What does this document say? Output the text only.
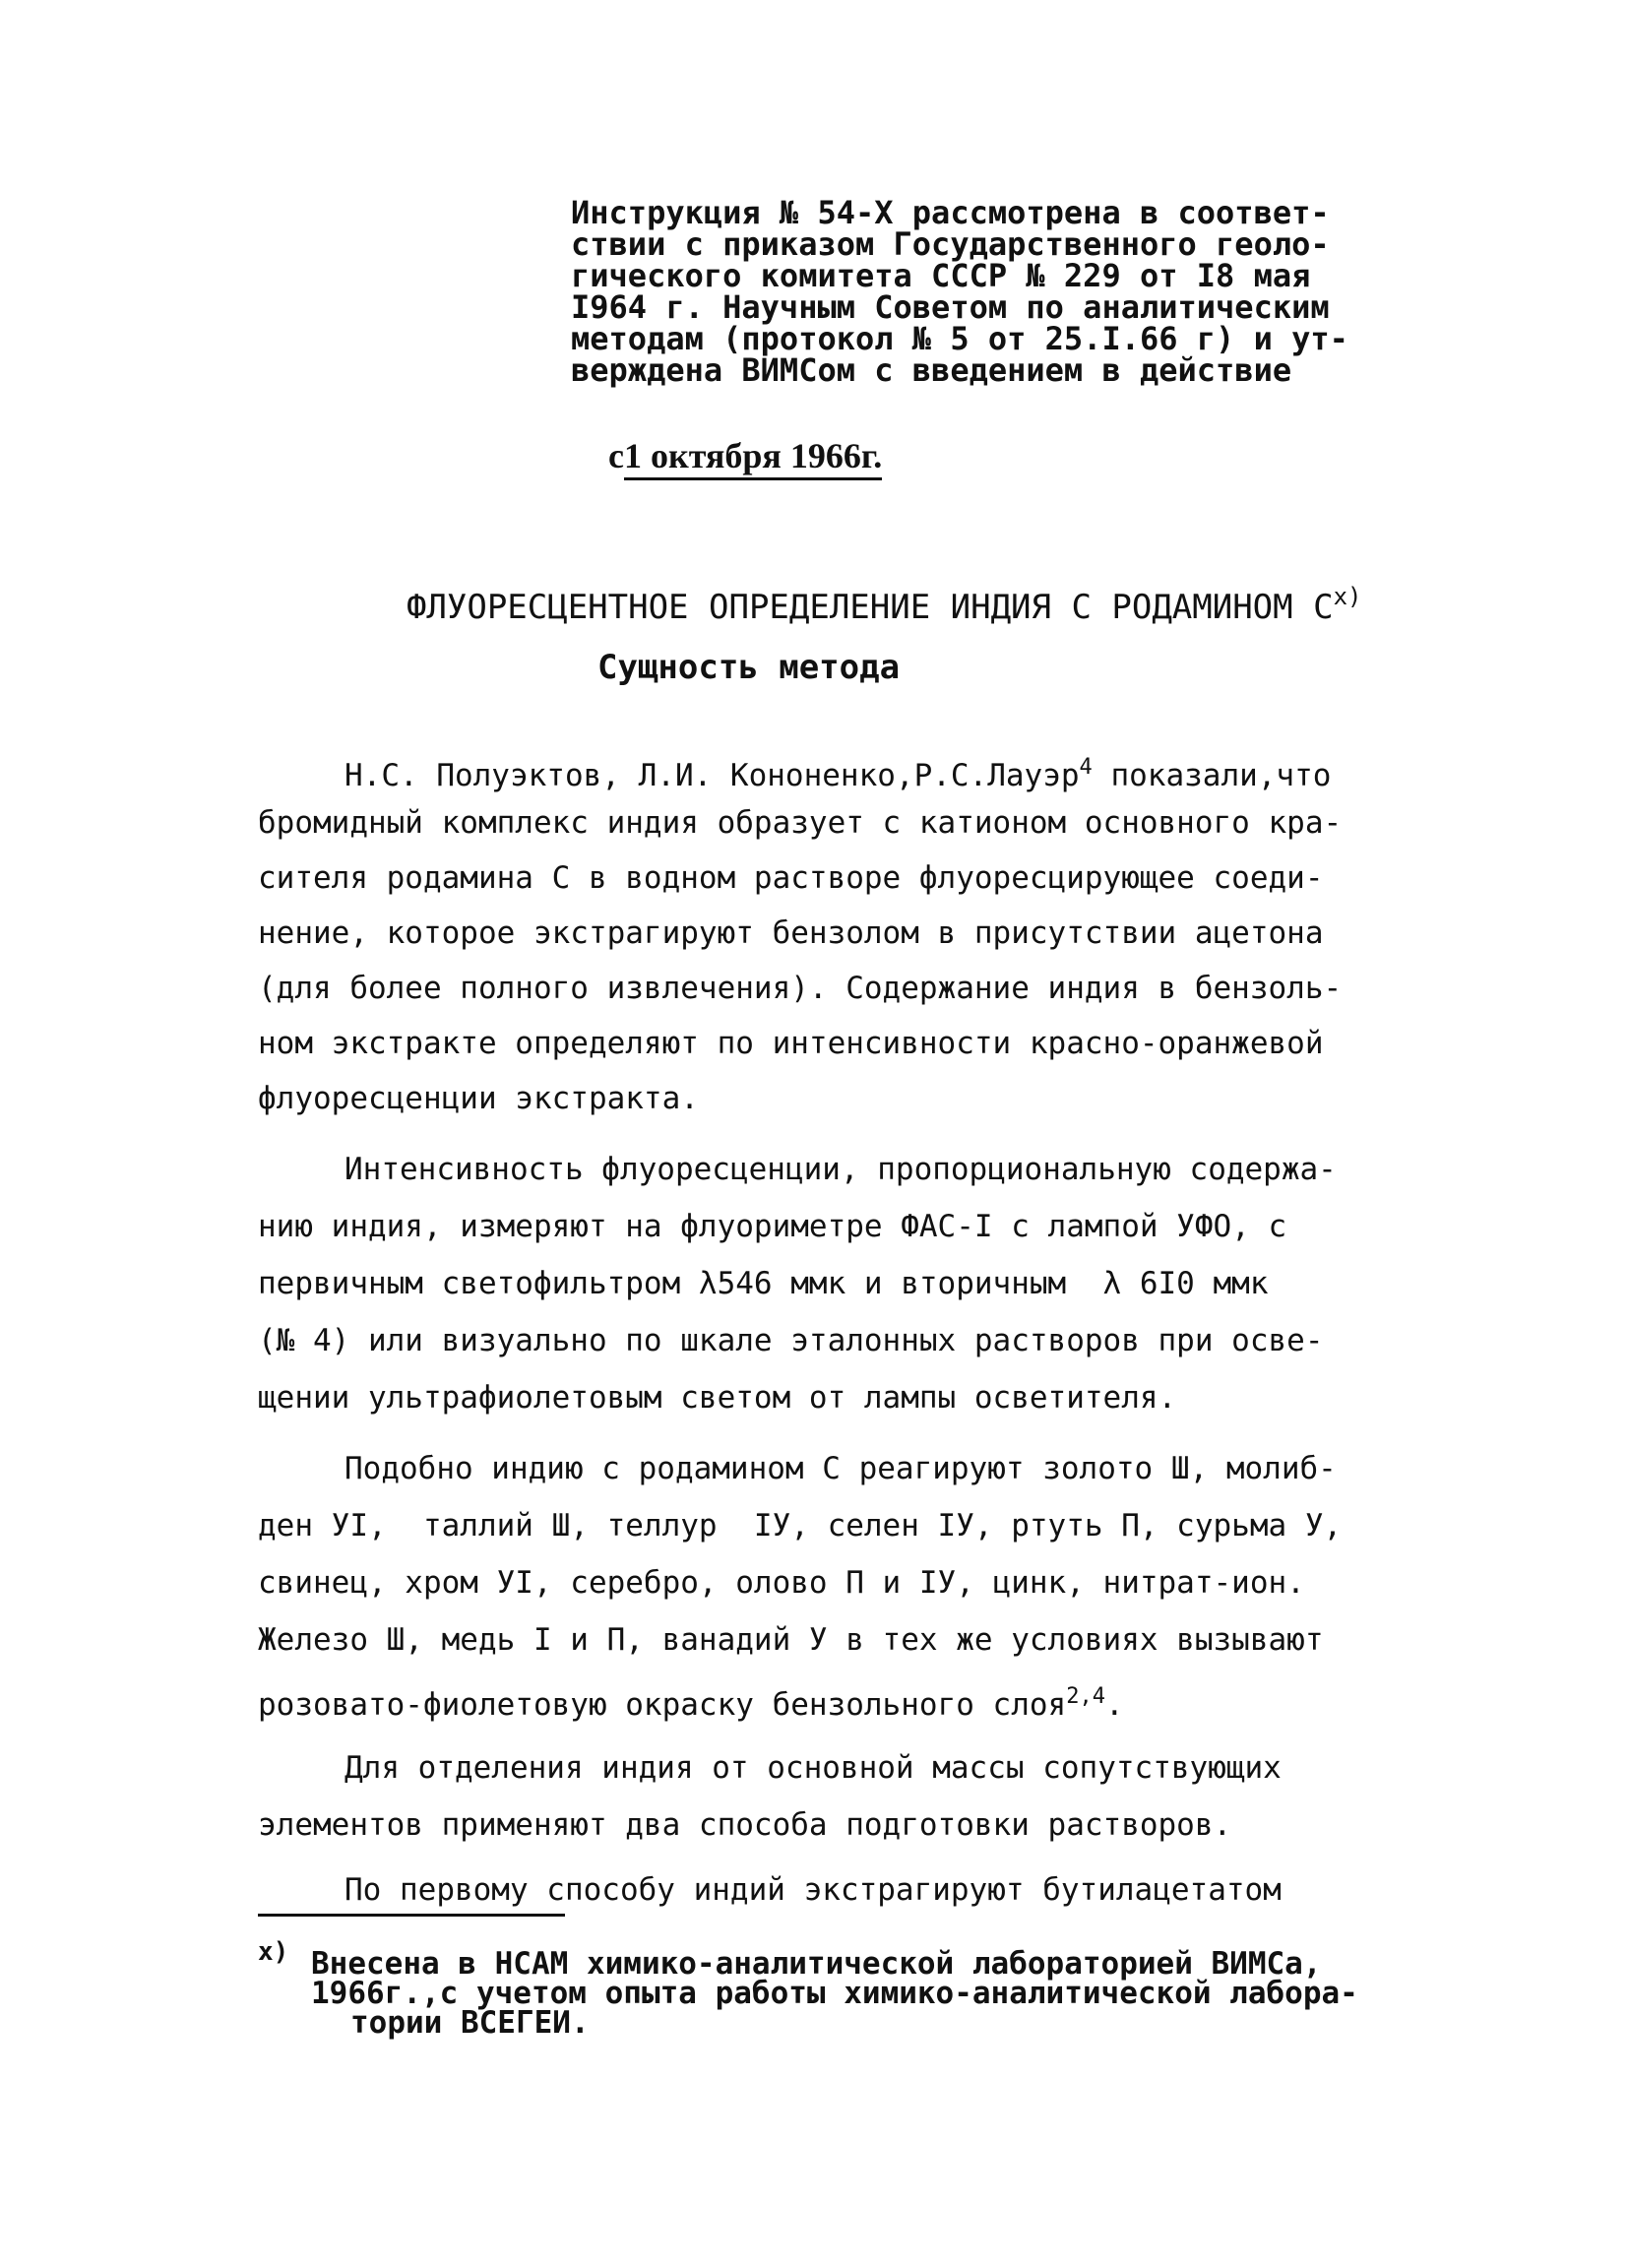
Инструкция № 54-Х рассмотрена в соответ-
ствии с приказом Государственного геоло-
гического комитета СССР № 229 от I8 мая
I964 г. Научным Советом по аналитическим
методам (протокол № 5 от 25.I.66 г) и ут-
верждена ВИМСом с введением в действие

с1 октября 1966г.

ФЛУОРЕСЦЕНТНОЕ ОПРЕДЕЛЕНИЕ ИНДИЯ С РОДАМИНОМ $С^{х)}$

Сущность метода
Н.С. Полуэктов, Л.И. Кононенко,Р.С.Лауэр$^4$ показали,что
бромидный комплекс индия образует с катионом основного кра-
сителя родамина С в водном растворе флуоресцирующее соеди-
нение, которое экстрагируют бензолом в присутствии ацетона
(для более полного извлечения). Содержание индия в бензоль-
ном экстракте определяют по интенсивности красно-оранжевой
флуоресценции экстракта.
Интенсивность флуоресценции, пропорциональную содержа-
нию индия, измеряют на флуориметре ФАС-I с лампой УФО, с
первичным светофильтром λ546 ммк и вторичным  λ 6I0 ммк
(№ 4) или визуально по шкале эталонных растворов при осве-
щении ультрафиолетовым светом от лампы осветителя.
Подобно индию с родамином С реагируют золото Ш, молиб-
ден УI,  таллий Ш, теллур  IУ, селен IУ, ртуть П, сурьма У,
свинец, хром УI, серебро, олово П и IУ, цинк, нитрат-ион.
Железо Ш, медь I и П, ванадий У в тех же условиях вызывают
розовато-фиолетовую окраску бензольного слоя$^{2,4}$.
Для отделения индия от основной массы сопутствующих
элементов применяют два способа подготовки растворов.
По первому способу индий экстрагируют бутилацетатом
х) Внесена в НСАМ химико-аналитической лабораторией ВИМСа,
1966г.,с учетом опыта работы химико-аналитической лабора-
тории ВСЕГЕИ.
